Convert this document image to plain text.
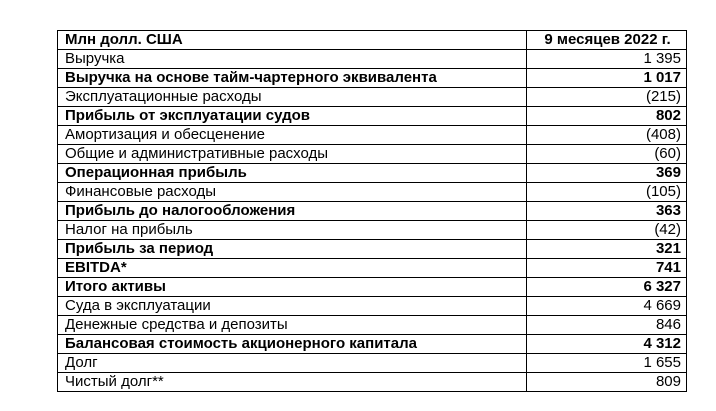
Млн долл. США	9 месяцев 2022 г.
Выручка	1 395
Выручка на основе тайм-чартерного эквивалента	1 017
Эксплуатационные расходы	(215)
Прибыль от эксплуатации судов	802
Амортизация и обесценение	(408)
Общие и административные расходы	(60)
Операционная прибыль	369
Финансовые расходы	(105)
Прибыль до налогообложения	363
Налог на прибыль	(42)
Прибыль за период	321
EBITDA*	741
Итого активы	6 327
Суда в эксплуатации	4 669
Денежные средства и депозиты	846
Балансовая стоимость акционерного капитала	4 312
Долг	1 655
Чистый долг**	809
